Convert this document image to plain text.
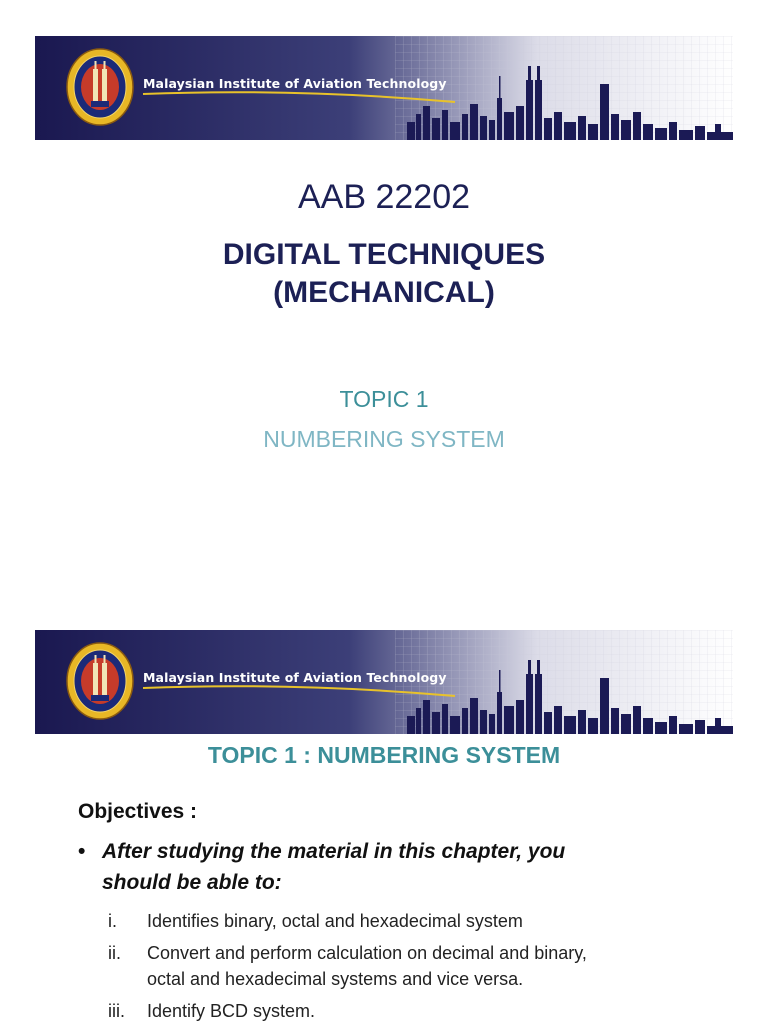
Malaysian Institute of Aviation Technology
AAB 22202
DIGITAL TECHNIQUES
(MECHANICAL)
TOPIC 1
NUMBERING SYSTEM
Malaysian Institute of Aviation Technology
TOPIC 1 : NUMBERING SYSTEM
Objectives :
• After studying the material in this chapter, you
should be able to:
i.	Identifies binary, octal and hexadecimal system
ii.	Convert and perform calculation on decimal and binary,
octal and hexadecimal systems and vice versa.
iii.	Identify BCD system.
